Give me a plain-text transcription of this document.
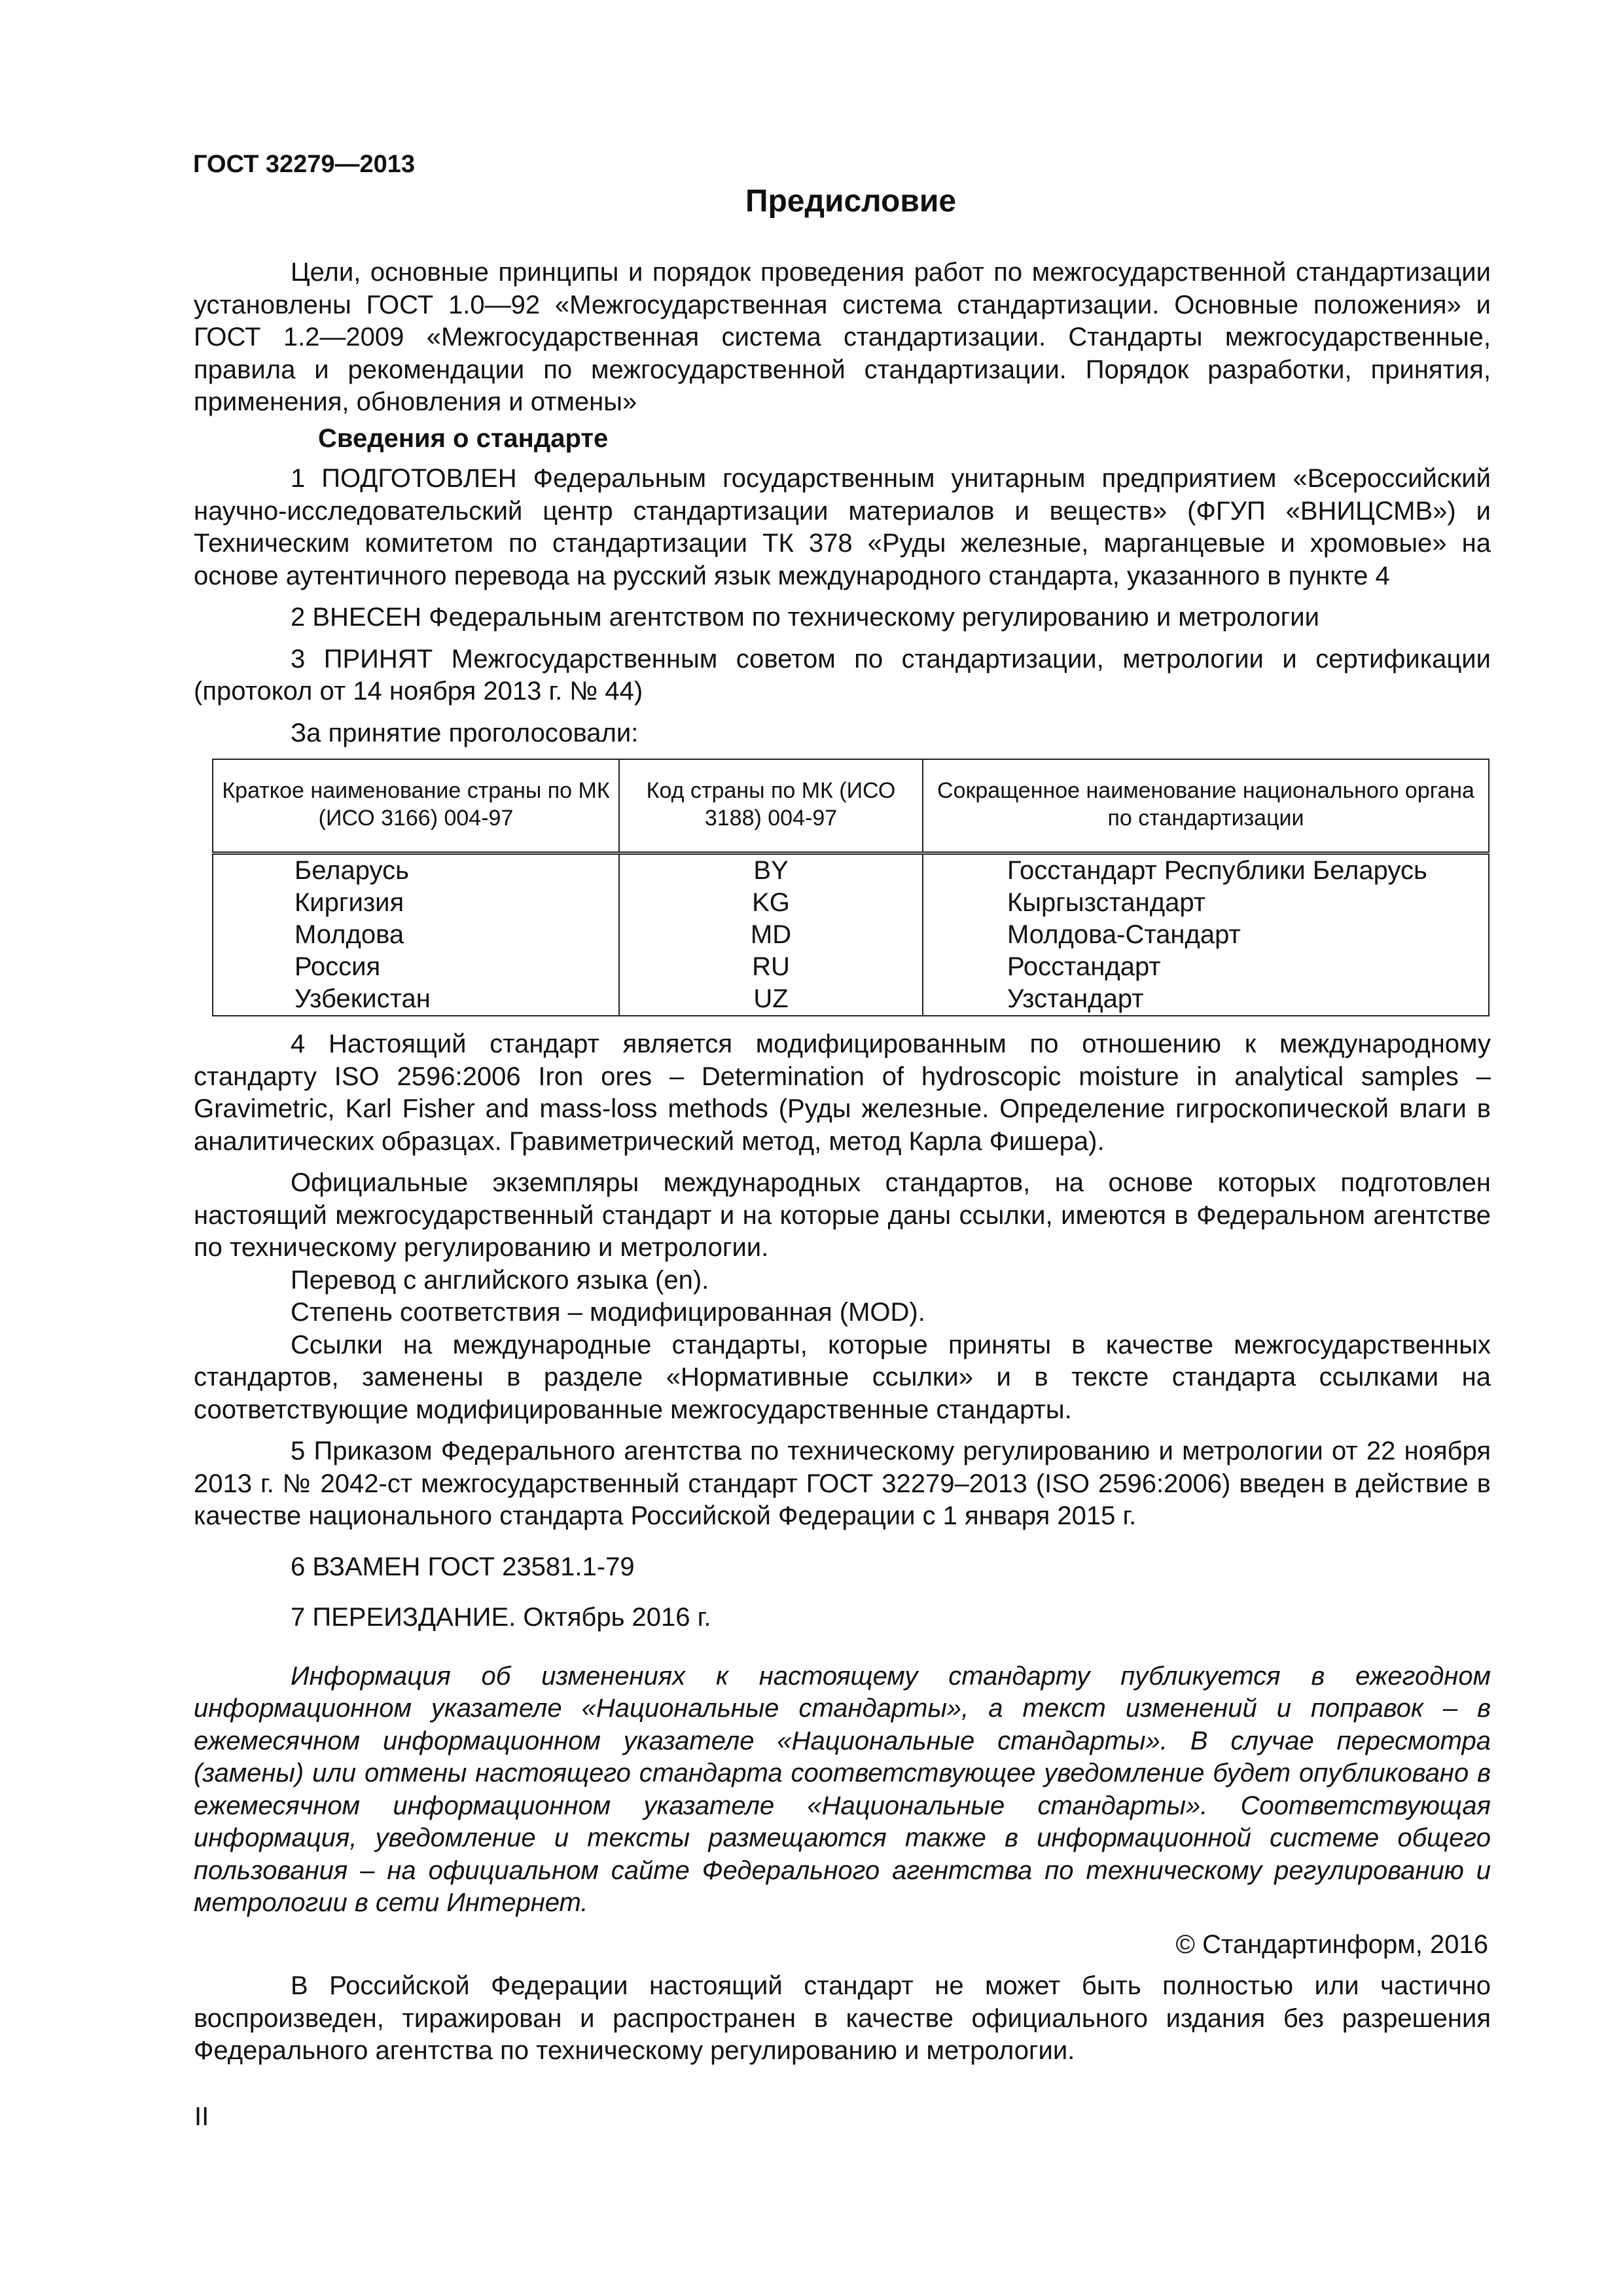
ГОСТ 32279—2013
Предисловие

Цели, основные принципы и порядок проведения работ по межгосударственной стандартизации установлены ГОСТ 1.0—92 «Межгосударственная система стандартизации. Основные положения» и ГОСТ 1.2—2009 «Межгосударственная система стандартизации. Стандарты межгосударственные, правила и рекомендации по межгосударственной стандартизации. Порядок разработки, принятия, применения, обновления и отмены»

Сведения о стандарте

1 ПОДГОТОВЛЕН Федеральным государственным унитарным предприятием «Всероссийский научно-исследовательский центр стандартизации материалов и веществ» (ФГУП «ВНИЦСМВ») и Техническим комитетом по стандартизации ТК 378 «Руды железные, марганцевые и хромовые» на основе аутентичного перевода на русский язык международного стандарта, указанного в пункте 4

2 ВНЕСЕН Федеральным агентством по техническому регулированию и метрологии

3 ПРИНЯТ Межгосударственным советом по стандартизации, метрологии и сертификации (протокол от 14 ноября 2013 г. № 44)

За принятие проголосовали:

Краткое наименование страны по МК (ИСО 3166) 004-97	Код страны по МК (ИСО 3188) 004-97	Сокращенное наименование национального органа по стандартизации
Беларусь	BY	Госстандарт Республики Беларусь
Киргизия	KG	Кыргызстандарт
Молдова	MD	Молдова-Стандарт
Россия	RU	Росстандарт
Узбекистан	UZ	Узстандарт

4 Настоящий стандарт является модифицированным по отношению к международному стандарту ISO 2596:2006 Iron ores – Determination of hydroscopic moisture in analytical samples – Gravimetric, Karl Fisher and mass-loss methods (Руды железные. Определение гигроскопической влаги в аналитических образцах. Гравиметрический метод, метод Карла Фишера).

Официальные экземпляры международных стандартов, на основе которых подготовлен настоящий межгосударственный стандарт и на которые даны ссылки, имеются в Федеральном агентстве по техническому регулированию и метрологии.

Перевод с английского языка (en).

Степень соответствия – модифицированная (MOD).

Ссылки на международные стандарты, которые приняты в качестве межгосударственных стандартов, заменены в разделе «Нормативные ссылки» и в тексте стандарта ссылками на соответствующие модифицированные межгосударственные стандарты.

5 Приказом Федерального агентства по техническому регулированию и метрологии от 22 ноября 2013 г. № 2042-ст межгосударственный стандарт ГОСТ 32279–2013 (ISO 2596:2006) введен в действие в качестве национального стандарта Российской Федерации с 1 января 2015 г.

6 ВЗАМЕН ГОСТ 23581.1-79

7 ПЕРЕИЗДАНИЕ. Октябрь 2016 г.

Информация об изменениях к настоящему стандарту публикуется в ежегодном информационном указателе «Национальные стандарты», а текст изменений и поправок – в ежемесячном информационном указателе «Национальные стандарты». В случае пересмотра (замены) или отмены настоящего стандарта соответствующее уведомление будет опубликовано в ежемесячном информационном указателе «Национальные стандарты». Соответствующая информация, уведомление и тексты размещаются также в информационной системе общего пользования – на официальном сайте Федерального агентства по техническому регулированию и метрологии в сети Интернет.

© Стандартинформ, 2016

В Российской Федерации настоящий стандарт не может быть полностью или частично воспроизведен, тиражирован и распространен в качестве официального издания без разрешения Федерального агентства по техническому регулированию и метрологии.

II
